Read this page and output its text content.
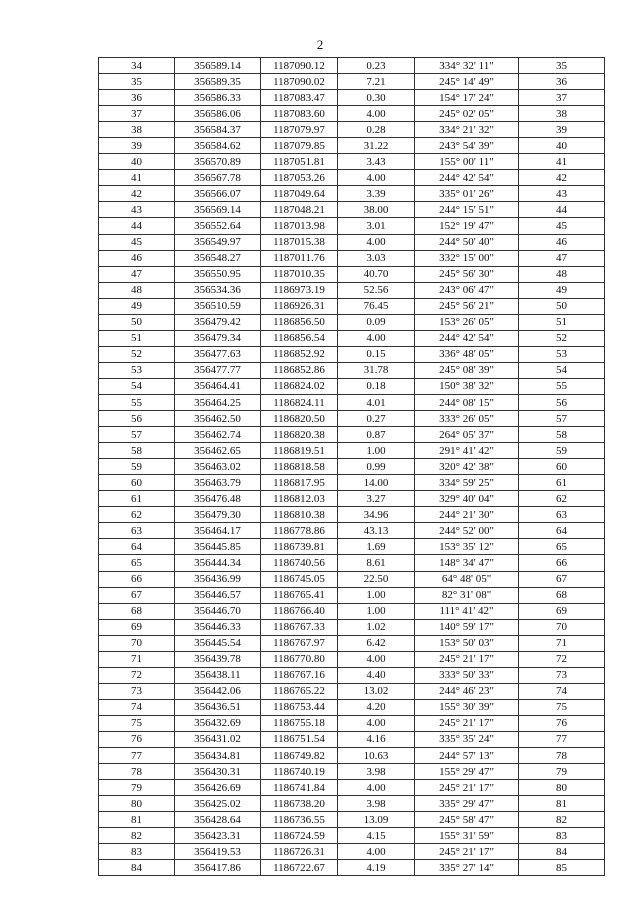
2
34	356589.14	1187090.12	0.23	334° 32' 11"	35
35	356589.35	1187090.02	7.21	245° 14' 49"	36
36	356586.33	1187083.47	0.30	154° 17' 24"	37
37	356586.06	1187083.60	4.00	245° 02' 05"	38
38	356584.37	1187079.97	0.28	334° 21' 32"	39
39	356584.62	1187079.85	31.22	243° 54' 39"	40
40	356570.89	1187051.81	3.43	155° 00' 11"	41
41	356567.78	1187053.26	4.00	244° 42' 54"	42
42	356566.07	1187049.64	3.39	335° 01' 26"	43
43	356569.14	1187048.21	38.00	244° 15' 51"	44
44	356552.64	1187013.98	3.01	152° 19' 47"	45
45	356549.97	1187015.38	4.00	244° 50' 40"	46
46	356548.27	1187011.76	3.03	332° 15' 00"	47
47	356550.95	1187010.35	40.70	245° 56' 30"	48
48	356534.36	1186973.19	52.56	243° 06' 47"	49
49	356510.59	1186926.31	76.45	245° 56' 21"	50
50	356479.42	1186856.50	0.09	153° 26' 05"	51
51	356479.34	1186856.54	4.00	244° 42' 54"	52
52	356477.63	1186852.92	0.15	336° 48' 05"	53
53	356477.77	1186852.86	31.78	245° 08' 39"	54
54	356464.41	1186824.02	0.18	150° 38' 32"	55
55	356464.25	1186824.11	4.01	244° 08' 15"	56
56	356462.50	1186820.50	0.27	333° 26' 05"	57
57	356462.74	1186820.38	0.87	264° 05' 37"	58
58	356462.65	1186819.51	1.00	291° 41' 42"	59
59	356463.02	1186818.58	0.99	320° 42' 38"	60
60	356463.79	1186817.95	14.00	334° 59' 25"	61
61	356476.48	1186812.03	3.27	329° 40' 04"	62
62	356479.30	1186810.38	34.96	244° 21' 30"	63
63	356464.17	1186778.86	43.13	244° 52' 00"	64
64	356445.85	1186739.81	1.69	153° 35' 12"	65
65	356444.34	1186740.56	8.61	148° 34' 47"	66
66	356436.99	1186745.05	22.50	64° 48' 05"	67
67	356446.57	1186765.41	1.00	82° 31' 08"	68
68	356446.70	1186766.40	1.00	111° 41' 42"	69
69	356446.33	1186767.33	1.02	140° 59' 17"	70
70	356445.54	1186767.97	6.42	153° 50' 03"	71
71	356439.78	1186770.80	4.00	245° 21' 17"	72
72	356438.11	1186767.16	4.40	333° 50' 33"	73
73	356442.06	1186765.22	13.02	244° 46' 23"	74
74	356436.51	1186753.44	4.20	155° 30' 39"	75
75	356432.69	1186755.18	4.00	245° 21' 17"	76
76	356431.02	1186751.54	4.16	335° 35' 24"	77
77	356434.81	1186749.82	10.63	244° 57' 13"	78
78	356430.31	1186740.19	3.98	155° 29' 47"	79
79	356426.69	1186741.84	4.00	245° 21' 17"	80
80	356425.02	1186738.20	3.98	335° 29' 47"	81
81	356428.64	1186736.55	13.09	245° 58' 47"	82
82	356423.31	1186724.59	4.15	155° 31' 59"	83
83	356419.53	1186726.31	4.00	245° 21' 17"	84
84	356417.86	1186722.67	4.19	335° 27' 14"	85
